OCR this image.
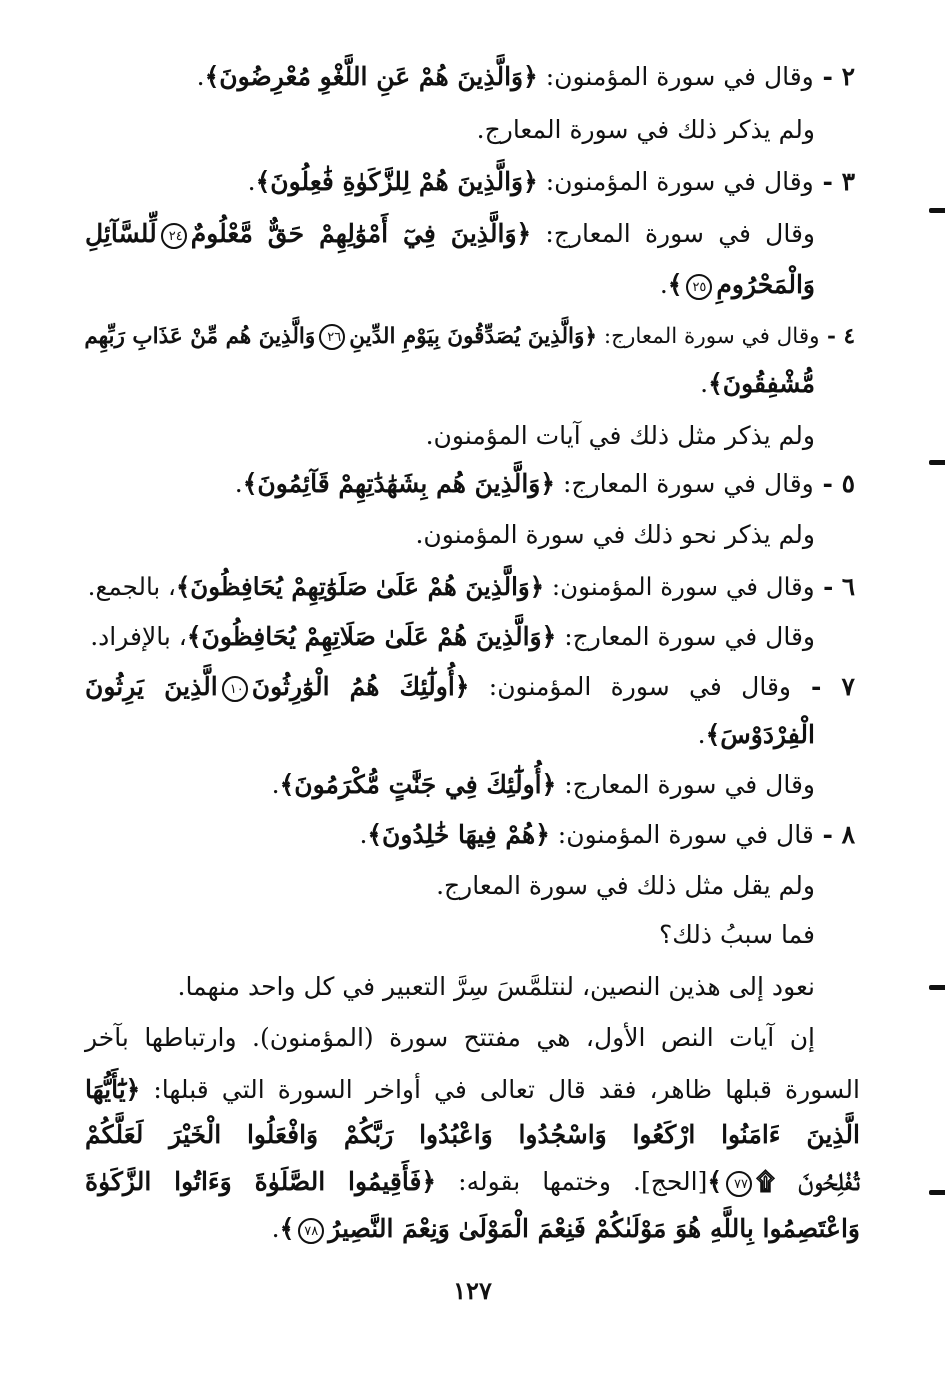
٢ - وقال في سورة المؤمنون: ﴿وَالَّذِينَ هُمْ عَنِ اللَّغْوِ مُعْرِضُونَ﴾.
ولم يذكر ذلك في سورة المعارج.
٣ - وقال في سورة المؤمنون: ﴿وَالَّذِينَ هُمْ لِلزَّكَوٰةِ فَٰعِلُونَ﴾.
وقال في سورة المعارج: ﴿وَالَّذِينَ فِيٓ أَمْوَٰلِهِمْ حَقٌّ مَّعْلُومٌ٢٤لِّلسَّآئِلِ
وَالْمَحْرُومِ٢٥﴾.
٤ - وقال في سورة المعارج: ﴿وَالَّذِينَ يُصَدِّقُونَ بِيَوْمِ الدِّينِ٢٦وَالَّذِينَ هُم مِّنْ عَذَابِ رَبِّهِم
مُّشْفِقُونَ﴾.
ولم يذكر مثل ذلك في آيات المؤمنون.
٥ - وقال في سورة المعارج: ﴿وَالَّذِينَ هُم بِشَهَٰدَٰتِهِمْ قَآئِمُونَ﴾.
ولم يذكر نحو ذلك في سورة المؤمنون.
٦ - وقال في سورة المؤمنون: ﴿وَالَّذِينَ هُمْ عَلَىٰ صَلَوَٰتِهِمْ يُحَافِظُونَ﴾، بالجمع.
وقال في سورة المعارج: ﴿وَالَّذِينَ هُمْ عَلَىٰ صَلَاتِهِمْ يُحَافِظُونَ﴾، بالإفراد.
٧ - وقال في سورة المؤمنون: ﴿أُولَٰٓئِكَ هُمُ الْوَٰرِثُونَ١٠الَّذِينَ يَرِثُونَ
الْفِرْدَوْسَ﴾.
وقال في سورة المعارج: ﴿أُولَٰٓئِكَ فِي جَنَّٰتٍ مُّكْرَمُونَ﴾.
٨ - قال في سورة المؤمنون: ﴿هُمْ فِيهَا خَٰلِدُونَ﴾.
ولم يقل مثل ذلك في سورة المعارج.
فما سببُ ذلك؟
نعود إلى هذين النصين، لنتلمَّسَ سِرَّ التعبير في كل واحد منهما.
إن آيات النص الأول، هي مفتتح سورة (المؤمنون). وارتباطها بآخر
السورة قبلها ظاهر، فقد قال تعالى في أواخر السورة التي قبلها: ﴿يَٰٓأَيُّهَا
الَّذِينَ ءَامَنُوا ارْكَعُوا وَاسْجُدُوا وَاعْبُدُوا رَبَّكُمْ وَافْعَلُوا الْخَيْرَ لَعَلَّكُمْ
تُفْلِحُونَ ۩٧٧﴾[الحج]. وختمها بقوله: ﴿فَأَقِيمُوا الصَّلَوٰةَ وَءَاتُوا الزَّكَوٰةَ
وَاعْتَصِمُوا بِاللَّهِ هُوَ مَوْلَىٰكُمْ فَنِعْمَ الْمَوْلَىٰ وَنِعْمَ النَّصِيرُ٧٨﴾.
١٢٧
